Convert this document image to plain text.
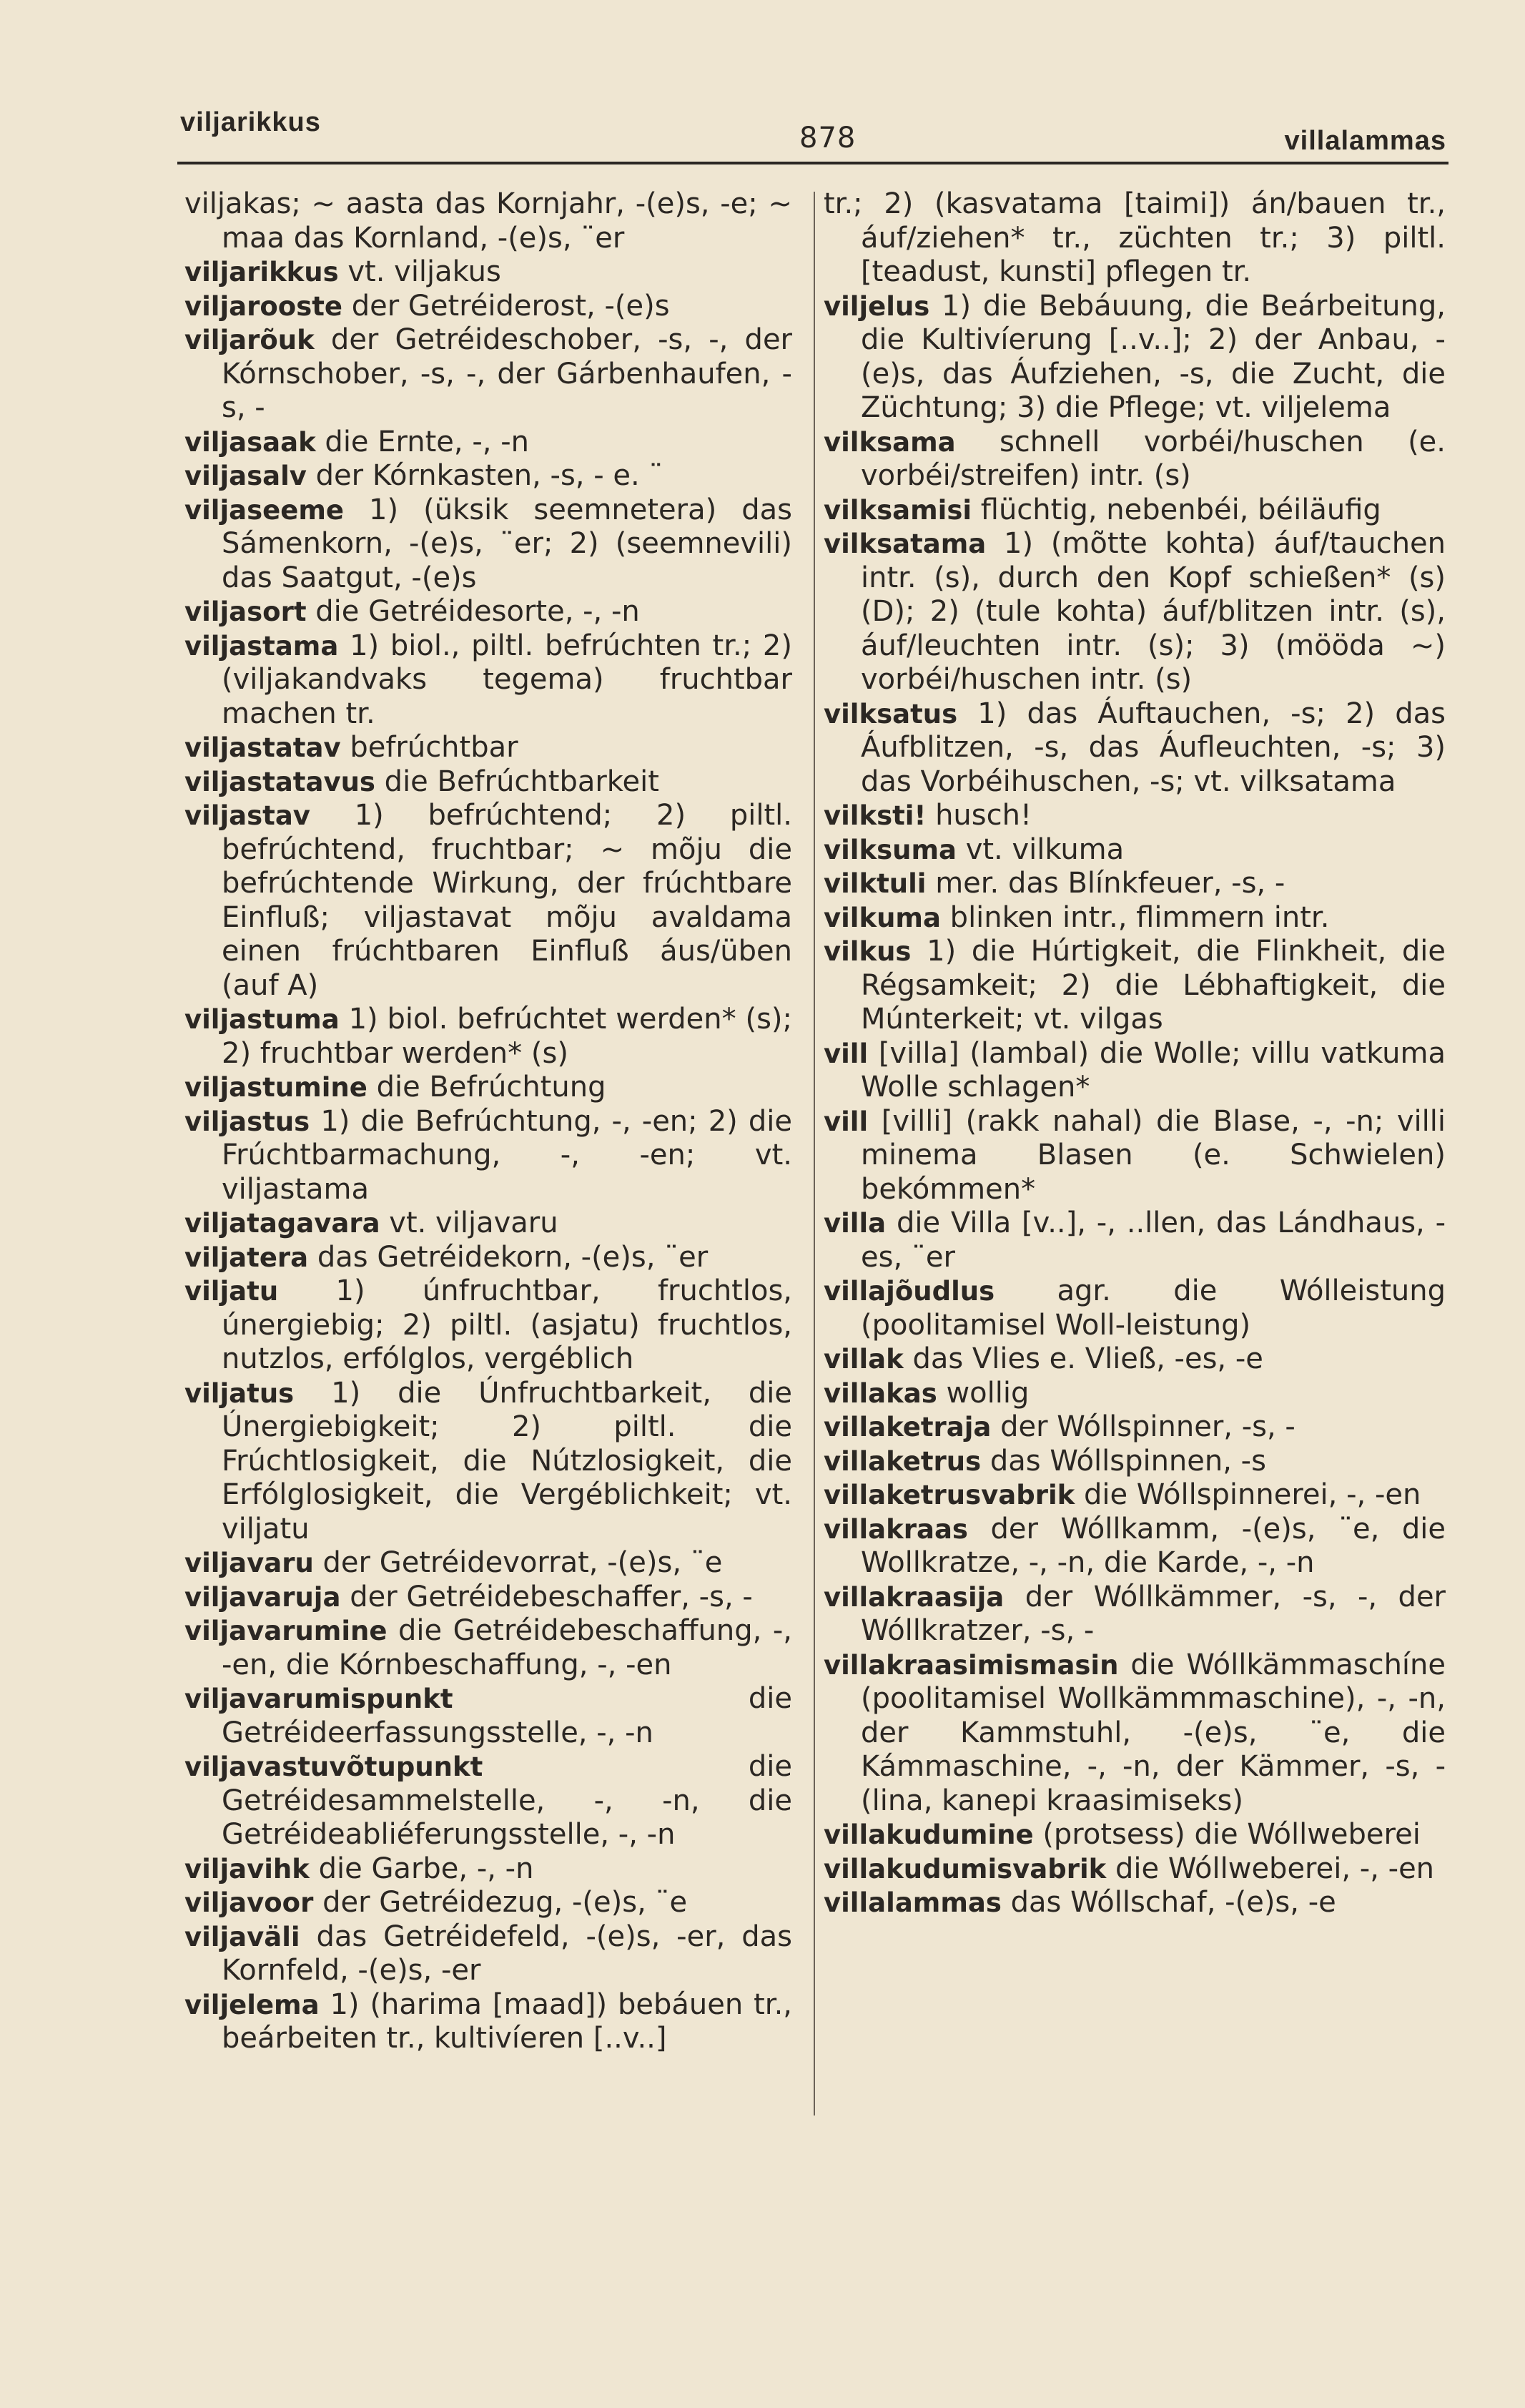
viljarikkus	878	villalammas
viljakas; ~ aasta das Kornjahr, -(e)s, -e; ~ maa das Kornland, -(e)s, ¨er
viljarikkus vt. viljakus
viljarooste der Getréiderost, -(e)s
viljarõuk der Getréideschober, -s, -, der Kórnschober, -s, -, der Gárbenhaufen, -s, -
viljasaak die Ernte, -, -n
viljasalv der Kórnkasten, -s, - e. ¨
viljaseeme 1) (üksik seemnetera) das Sámenkorn, -(e)s, ¨er; 2) (seemnevili) das Saatgut, -(e)s
viljasort die Getréidesorte, -, -n
viljastama 1) biol., piltl. befrúchten tr.; 2) (viljakandvaks tegema) fruchtbar machen tr.
viljastatav befrúchtbar
viljastatavus die Befrúchtbarkeit
viljastav 1) befrúchtend; 2) piltl. befrúchtend, fruchtbar; ~ mõju die befrúchtende Wirkung, der frúchtbare Einfluß; viljastavat mõju avaldama einen frúchtbaren Einfluß áus/üben (auf A)
viljastuma 1) biol. befrúchtet werden* (s); 2) fruchtbar werden* (s)
viljastumine die Befrúchtung
viljastus 1) die Befrúchtung, -, -en; 2) die Frúchtbarmachung, -, -en; vt. viljastama
viljatagavara vt. viljavaru
viljatera das Getréidekorn, -(e)s, ¨er
viljatu 1) únfruchtbar, fruchtlos, únergiebig; 2) piltl. (asjatu) fruchtlos, nutzlos, erfólglos, vergéblich
viljatus 1) die Únfruchtbarkeit, die Únergiebigkeit; 2) piltl. die Frúchtlosigkeit, die Nútzlosigkeit, die Erfólglosigkeit, die Vergéblichkeit; vt. viljatu
viljavaru der Getréidevorrat, -(e)s, ¨e
viljavaruja der Getréidebeschaffer, -s, -
viljavarumine die Getréidebeschaffung, -, -en, die Kórnbeschaffung, -, -en
viljavarumispunkt	die Getréideerfassungsstelle, -, -n
viljavastuvõtupunkt	die Getréidesammelstelle, -, -n, die Getréideabliéferungsstelle, -, -n
viljavihk die Garbe, -, -n
viljavoor der Getréidezug, -(e)s, ¨e
viljaväli das Getréidefeld, -(e)s, -er, das Kornfeld, -(e)s, -er
viljelema 1) (harima [maad]) bebáuen tr., beárbeiten tr., kultivíeren [..v..]
tr.; 2) (kasvatama [taimi]) án/bauen tr., áuf/ziehen* tr., züchten tr.; 3) piltl. [teadust, kunsti] pflegen tr.
viljelus 1) die Bebáuung, die Beárbeitung, die Kultivíerung [..v..]; 2) der Anbau, -(e)s, das Áufziehen, -s, die Zucht, die Züchtung; 3) die Pflege; vt. viljelema
vilksama schnell vorbéi/huschen (e. vorbéi/streifen) intr. (s)
vilksamisi flüchtig, nebenbéi, béiläufig
vilksatama 1) (mõtte kohta) áuf/tauchen intr. (s), durch den Kopf schießen* (s) (D); 2) (tule kohta) áuf/blitzen intr. (s), áuf/leuchten intr. (s); 3) (mööda ~) vorbéi/huschen intr. (s)
vilksatus 1) das Áuftauchen, -s; 2) das Áufblitzen, -s, das Áufleuchten, -s; 3) das Vorbéihuschen, -s; vt. vilksatama
vilksti! husch!
vilksuma vt. vilkuma
vilktuli mer. das Blínkfeuer, -s, -
vilkuma blinken intr., flimmern intr.
vilkus 1) die Húrtigkeit, die Flinkheit, die Régsamkeit; 2) die Lébhaftigkeit, die Múnterkeit; vt. vilgas
vill [villa] (lambal) die Wolle; villu vatkuma Wolle schlagen*
vill [villi] (rakk nahal) die Blase, -, -n; villi minema Blasen (e. Schwielen) bekómmen*
villa die Villa [v..], -, ..llen, das Lándhaus, -es, ¨er
villajõudlus agr. die Wólleistung (poolitamisel Woll-leistung)
villak das Vlies e. Vließ, -es, -e
villakas wollig
villaketraja der Wóllspinner, -s, -
villaketrus das Wóllspinnen, -s
villaketrusvabrik die Wóllspinnerei, -, -en
villakraas der Wóllkamm, -(e)s, ¨e, die Wollkratze, -, -n, die Karde, -, -n
villakraasija der Wóllkämmer, -s, -, der Wóllkratzer, -s, -
villakraasimismasin die Wóllkämmaschíne (poolitamisel Wollkämmmaschine), -, -n, der Kammstuhl, -(e)s, ¨e, die Kámmaschine, -, -n, der Kämmer, -s, - (lina, kanepi kraasimiseks)
villakudumine (protsess) die Wóllweberei
villakudumisvabrik die Wóllweberei, -, -en
villalammas das Wóllschaf, -(e)s, -e
